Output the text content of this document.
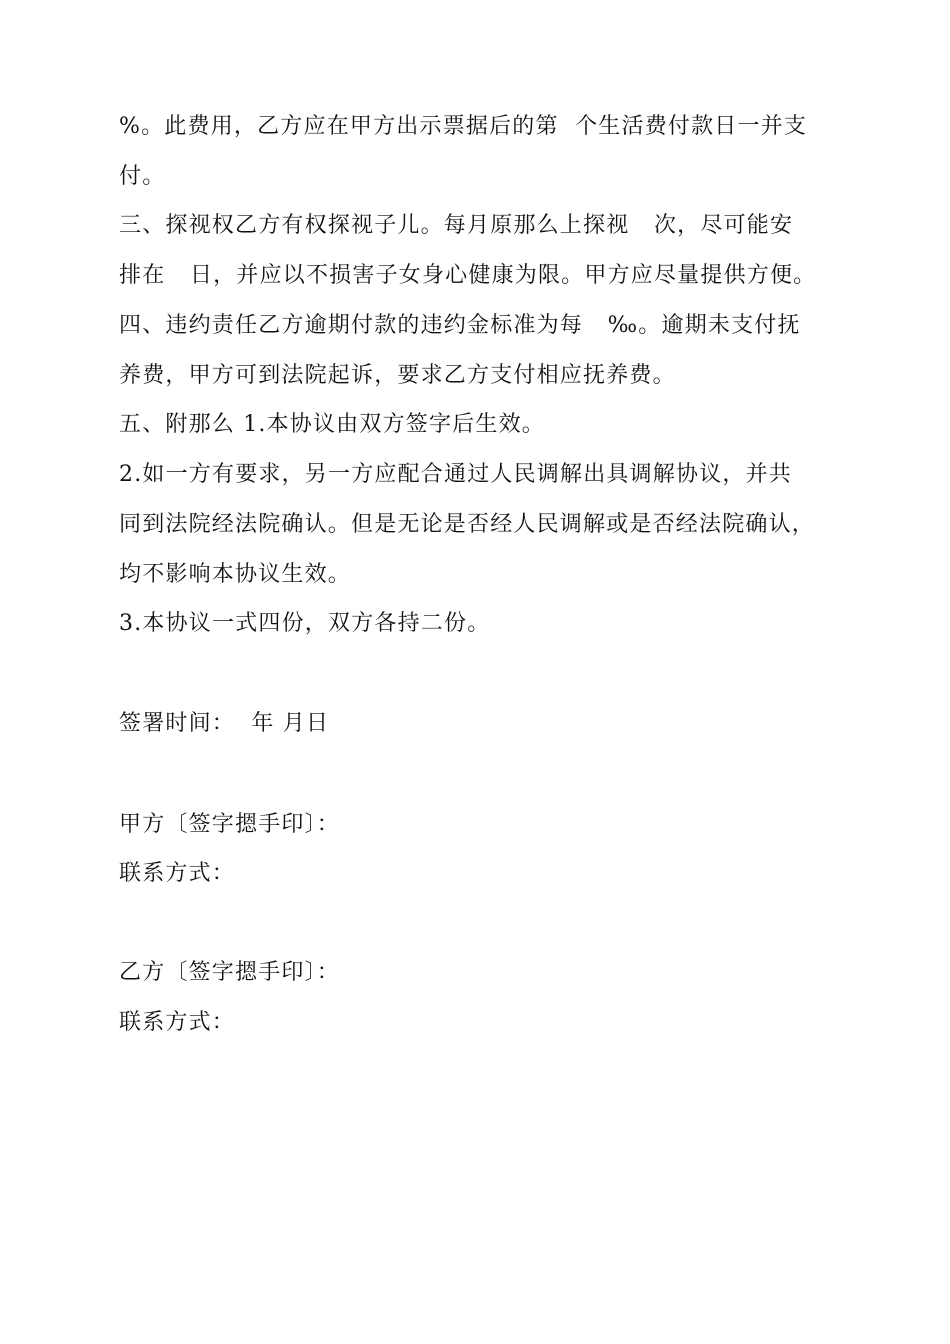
%。此费用，乙方应在甲方出示票据后的第  个生活费付款日一并支
付。
三、探视权乙方有权探视子儿。每月原那么上探视   次，尽可能安
排在   日，并应以不损害子女身心健康为限。甲方应尽量提供方便。
四、违约责任乙方逾期付款的违约金标准为每   ‰。逾期未支付抚
养费，甲方可到法院起诉，要求乙方支付相应抚养费。
五、附那么 1.本协议由双方签字后生效。
2.如一方有要求，另一方应配合通过人民调解出具调解协议，并共
同到法院经法院确认。但是无论是否经人民调解或是否经法院确认，
均不影响本协议生效。
3.本协议一式四份，双方各持二份。
签署时间：  年 月日
甲方〔签字摁手印〕：
联系方式：
乙方〔签字摁手印〕：
联系方式：
